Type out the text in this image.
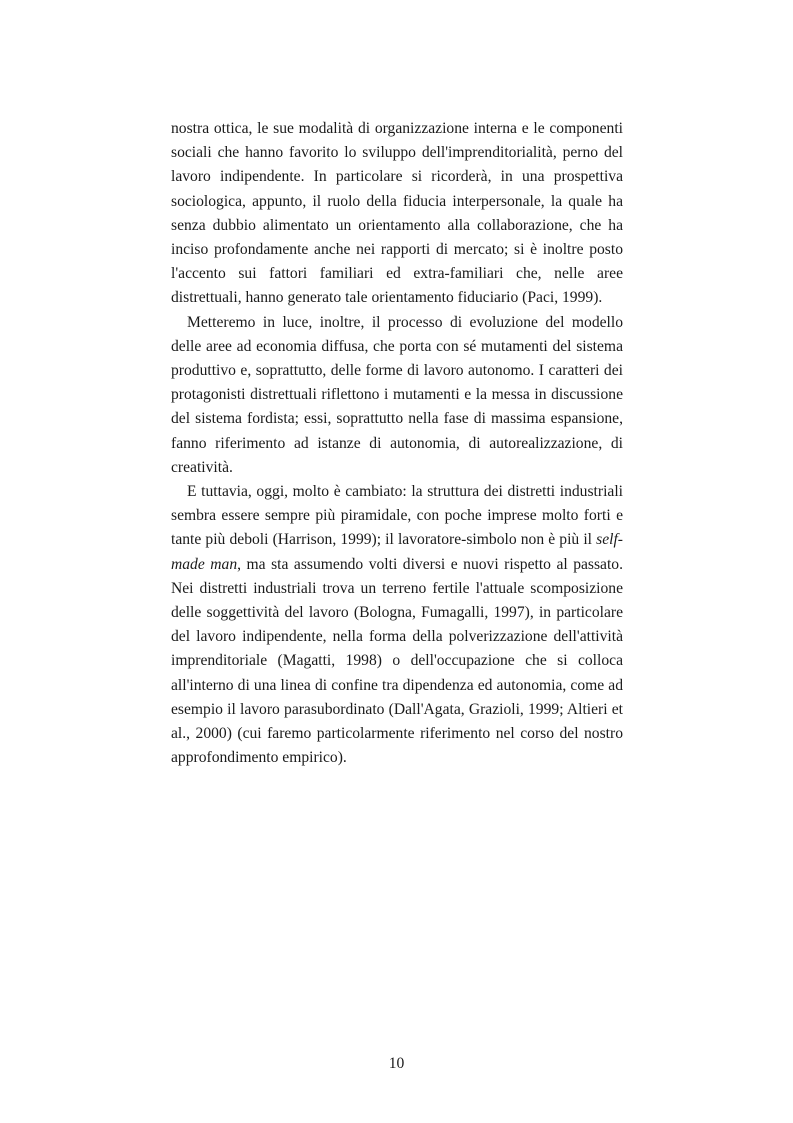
nostra ottica, le sue modalità di organizzazione interna e le componenti sociali che hanno favorito lo sviluppo dell'imprenditorialità, perno del lavoro indipendente. In particolare si ricorderà, in una prospettiva sociologica, appunto, il ruolo della fiducia interpersonale, la quale ha senza dubbio alimentato un orientamento alla collaborazione, che ha inciso profondamente anche nei rapporti di mercato; si è inoltre posto l'accento sui fattori familiari ed extra-familiari che, nelle aree distrettuali, hanno generato tale orientamento fiduciario (Paci, 1999).

Metteremo in luce, inoltre, il processo di evoluzione del modello delle aree ad economia diffusa, che porta con sé mutamenti del sistema produttivo e, soprattutto, delle forme di lavoro autonomo. I caratteri dei protagonisti distrettuali riflettono i mutamenti e la messa in discussione del sistema fordista; essi, soprattutto nella fase di massima espansione, fanno riferimento ad istanze di autonomia, di autorealizzazione, di creatività.

E tuttavia, oggi, molto è cambiato: la struttura dei distretti industriali sembra essere sempre più piramidale, con poche imprese molto forti e tante più deboli (Harrison, 1999); il lavoratore-simbolo non è più il self-made man, ma sta assumendo volti diversi e nuovi rispetto al passato. Nei distretti industriali trova un terreno fertile l'attuale scomposizione delle soggettività del lavoro (Bologna, Fumagalli, 1997), in particolare del lavoro indipendente, nella forma della polverizzazione dell'attività imprenditoriale (Magatti, 1998) o dell'occupazione che si colloca all'interno di una linea di confine tra dipendenza ed autonomia, come ad esempio il lavoro parasubordinato (Dall'Agata, Grazioli, 1999; Altieri et al., 2000) (cui faremo particolarmente riferimento nel corso del nostro approfondimento empirico).

10
